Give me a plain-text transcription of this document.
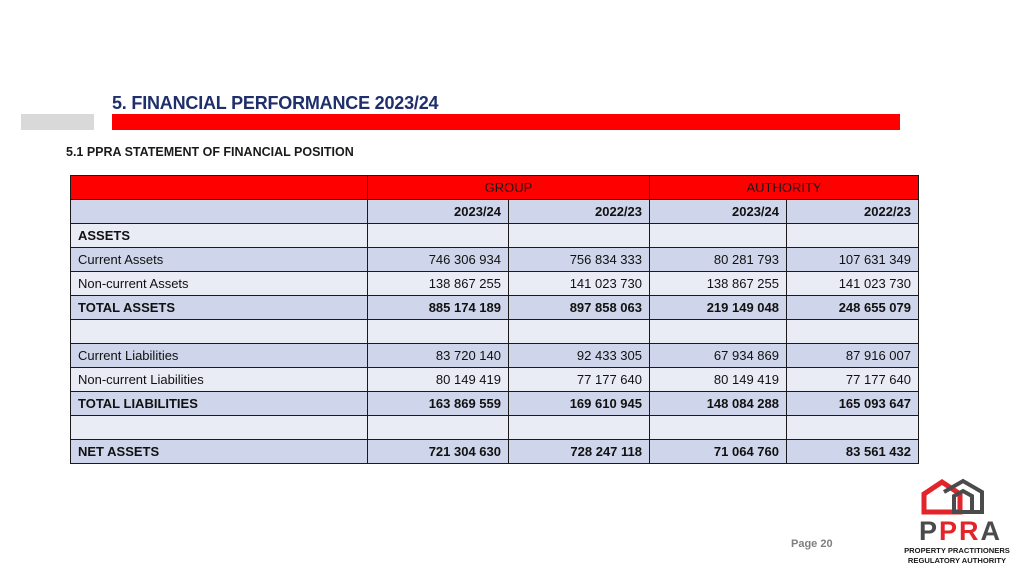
5. FINANCIAL PERFORMANCE 2023/24
5.1 PPRA STATEMENT OF FINANCIAL POSITION
	GROUP		AUTHORITY	
	2023/24	2022/23	2023/24	2022/23
ASSETS				
Current Assets	746 306 934	756 834 333	80 281 793	107 631 349
Non-current Assets	138 867 255	141 023 730	138 867 255	141 023 730
TOTAL ASSETS	885 174 189	897 858 063	219 149 048	248 655 079

Current Liabilities	83 720 140	92 433 305	67 934 869	87 916 007
Non-current Liabilities	80 149 419	77 177 640	80 149 419	77 177 640
TOTAL LIABILITIES	163 869 559	169 610 945	148 084 288	165 093 647

NET ASSETS	721 304 630	728 247 118	71 064 760	83 561 432
Page 20	PPRA
PROPERTY PRACTITIONERS
REGULATORY AUTHORITY
